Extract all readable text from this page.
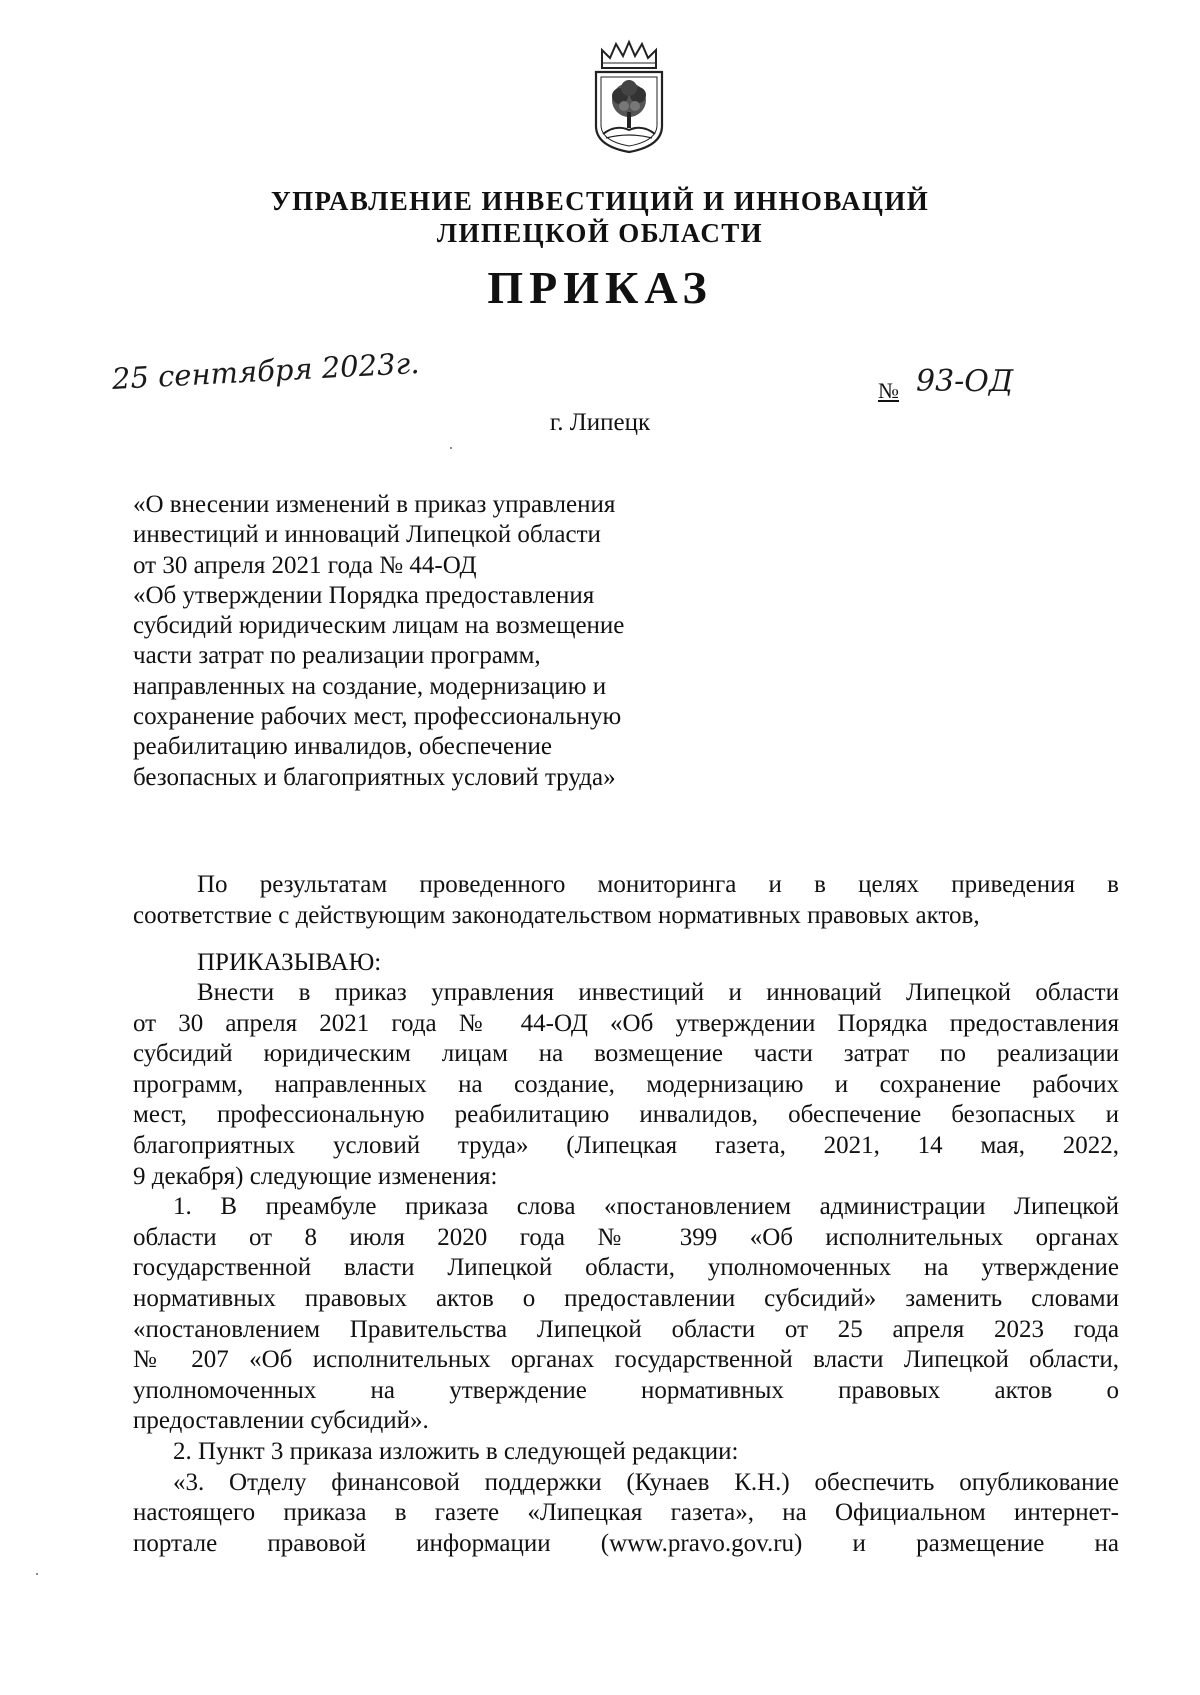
УПРАВЛЕНИЕ ИНВЕСТИЦИЙ И ИННОВАЦИЙ
ЛИПЕЦКОЙ ОБЛАСТИ
ПРИКАЗ
25 сентября 2023г.	№ 93-ОД
г. Липецк
«О внесении изменений в приказ управления
инвестиций и инноваций Липецкой области
от 30 апреля 2021 года № 44-ОД
«Об утверждении Порядка предоставления
субсидий юридическим лицам на возмещение
части затрат по реализации программ,
направленных на создание, модернизацию и
сохранение рабочих мест, профессиональную
реабилитацию инвалидов, обеспечение
безопасных и благоприятных условий труда»
По результатам проведенного мониторинга и в целях приведения в
соответствие с действующим законодательством нормативных правовых актов,
ПРИКАЗЫВАЮ:
Внести в приказ управления инвестиций и инноваций Липецкой области
от 30 апреля 2021 года № 44-ОД «Об утверждении Порядка предоставления
субсидий юридическим лицам на возмещение части затрат по реализации
программ, направленных на создание, модернизацию и сохранение рабочих
мест, профессиональную реабилитацию инвалидов, обеспечение безопасных и
благоприятных условий труда» (Липецкая газета, 2021, 14 мая, 2022,
9 декабря) следующие изменения:
1. В преамбуле приказа слова «постановлением администрации Липецкой
области от 8 июля 2020 года № 399 «Об исполнительных органах
государственной власти Липецкой области, уполномоченных на утверждение
нормативных правовых актов о предоставлении субсидий» заменить словами
«постановлением Правительства Липецкой области от 25 апреля 2023 года
№ 207 «Об исполнительных органах государственной власти Липецкой области,
уполномоченных на утверждение нормативных правовых актов о
предоставлении субсидий».
2. Пункт 3 приказа изложить в следующей редакции:
«3. Отделу финансовой поддержки (Кунаев К.Н.) обеспечить опубликование
настоящего приказа в газете «Липецкая газета», на Официальном интернет-
портале правовой информации (www.pravo.gov.ru) и размещение на
